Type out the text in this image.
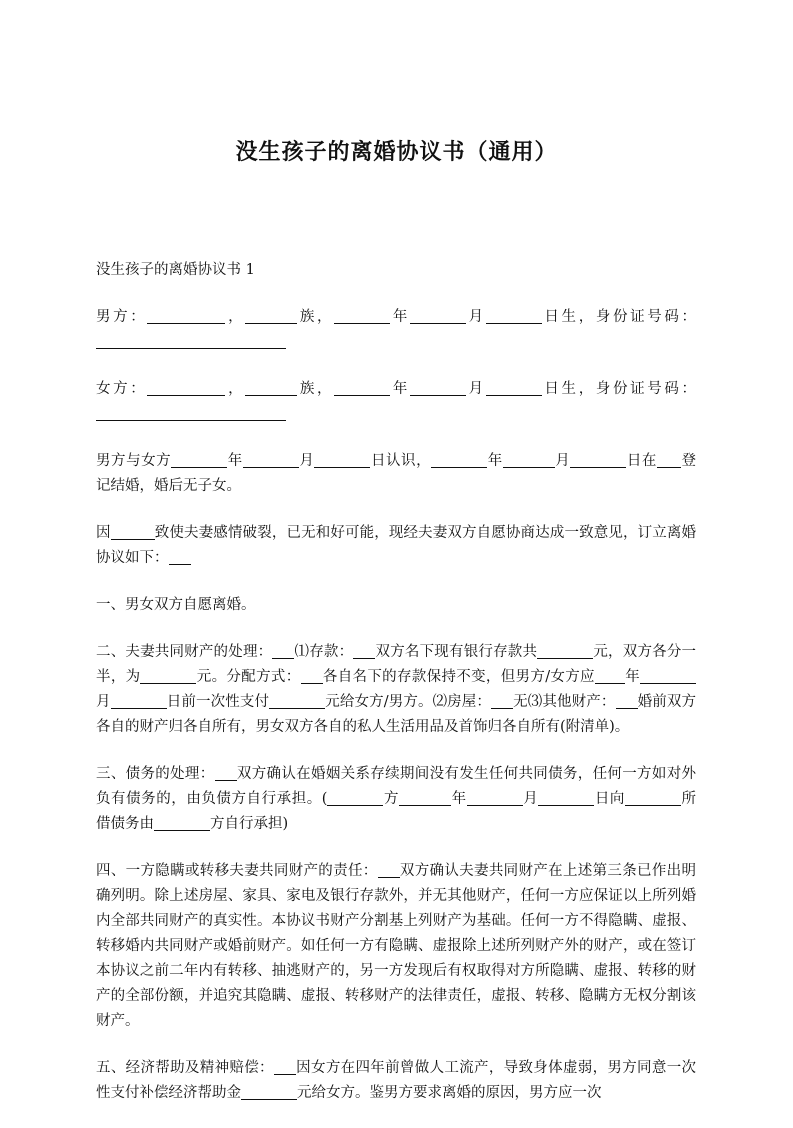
没生孩子的离婚协议书（通用）

没生孩子的离婚协议书 1

男方：	，	族，	年	月	日生，身份证号码：

女方：	，	族，	年	月	日生，身份证号码：

男方与女方	年	月	日认识，	年	月	日在 登记结婚，婚后无子女。

因	致使夫妻感情破裂，已无和好可能，现经夫妻双方自愿协商达成一致意见，订立离婚协议如下：

一、男女双方自愿离婚。

二、夫妻共同财产的处理： ⑴存款： 双方名下现有银行存款共	元，双方各分一半，为	元。分配方式： 各自名下的存款保持不变，但男方/女方应 年月	日前一次性支付	元给女方/男方。⑵房屋： 无⑶其他财产： 婚前双方各自的财产归各自所有，男女双方各自的私人生活用品及首饰归各自所有(附清单)。

三、债务的处理： 双方确认在婚姻关系存续期间没有发生任何共同债务，任何一方如对外负有债务的，由负债方自行承担。(	方	年	月	日向	所借债务由	方自行承担)

四、一方隐瞒或转移夫妻共同财产的责任： 双方确认夫妻共同财产在上述第三条已作出明确列明。除上述房屋、家具、家电及银行存款外，并无其他财产，任何一方应保证以上所列婚内全部共同财产的真实性。本协议书财产分割基上列财产为基础。任何一方不得隐瞒、虚报、转移婚内共同财产或婚前财产。如任何一方有隐瞒、虚报除上述所列财产外的财产，或在签订本协议之前二年内有转移、抽逃财产的，另一方发现后有权取得对方所隐瞒、虚报、转移的财产的全部份额，并追究其隐瞒、虚报、转移财产的法律责任，虚报、转移、隐瞒方无权分割该财产。

五、经济帮助及精神赔偿： 因女方在四年前曾做人工流产，导致身体虚弱，男方同意一次性支付补偿经济帮助金	元给女方。鉴男方要求离婚的原因，男方应一次
